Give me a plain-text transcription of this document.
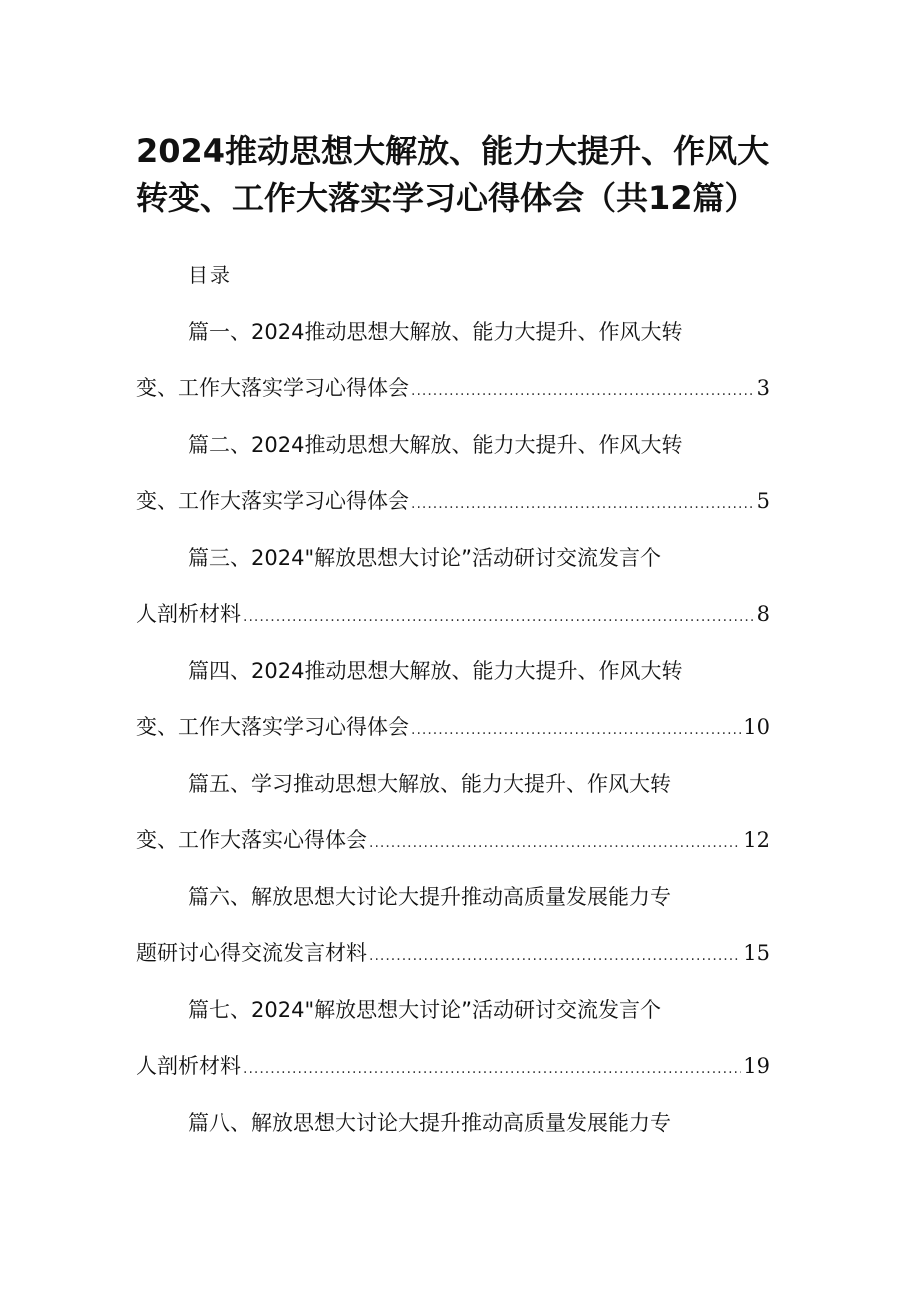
2024推动思想大解放、能力大提升、作风大转变、工作大落实学习心得体会（共12篇）
目录
篇一、2024推动思想大解放、能力大提升、作风大转
变、工作大落实学习心得体会 .....	3
篇二、2024推动思想大解放、能力大提升、作风大转
变、工作大落实学习心得体会 .....	5
篇三、2024"解放思想大讨论”活动研讨交流发言个
人剖析材料 .....	8
篇四、2024推动思想大解放、能力大提升、作风大转
变、工作大落实学习心得体会 .....	10
篇五、学习推动思想大解放、能力大提升、作风大转
变、工作大落实心得体会 .....	12
篇六、解放思想大讨论大提升推动高质量发展能力专
题研讨心得交流发言材料 .....	15
篇七、2024"解放思想大讨论”活动研讨交流发言个
人剖析材料 .....	19
篇八、解放思想大讨论大提升推动高质量发展能力专
